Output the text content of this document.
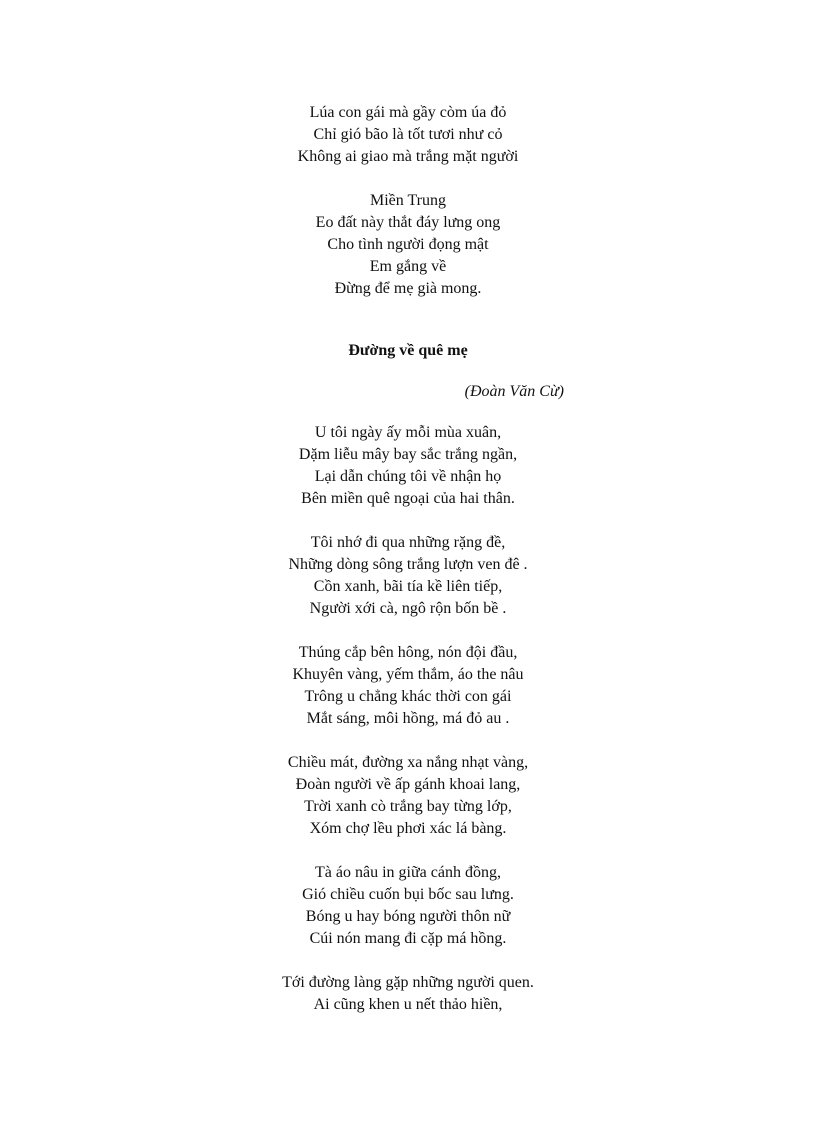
Lúa con gái mà gầy còm úa đỏ
Chỉ gió bão là tốt tươi như cỏ
Không ai giao mà trắng mặt người

Miền Trung
Eo đất này thắt đáy lưng ong
Cho tình người đọng mật
Em gắng về
Đừng để mẹ già mong.

Đường về quê mẹ
(Đoàn Văn Cừ)

U tôi ngày ấy mỗi mùa xuân,
Dặm liễu mây bay sắc trắng ngần,
Lại dẫn chúng tôi về nhận họ
Bên miền quê ngoại của hai thân.

Tôi nhớ đi qua những rặng đề,
Những dòng sông trắng lượn ven đê .
Cồn xanh, bãi tía kề liên tiếp,
Người xới cà, ngô rộn bốn bề .

Thúng cắp bên hông, nón đội đầu,
Khuyên vàng, yếm thắm, áo the nâu
Trông u chẳng khác thời con gái
Mắt sáng, môi hồng, má đỏ au .

Chiều mát, đường xa nắng nhạt vàng,
Đoàn người về ấp gánh khoai lang,
Trời xanh cò trắng bay từng lớp,
Xóm chợ lều phơi xác lá bàng.

Tà áo nâu in giữa cánh đồng,
Gió chiều cuốn bụi bốc sau lưng.
Bóng u hay bóng người thôn nữ
Cúi nón mang đi cặp má hồng.

Tới đường làng gặp những người quen.
Ai cũng khen u nết thảo hiền,
